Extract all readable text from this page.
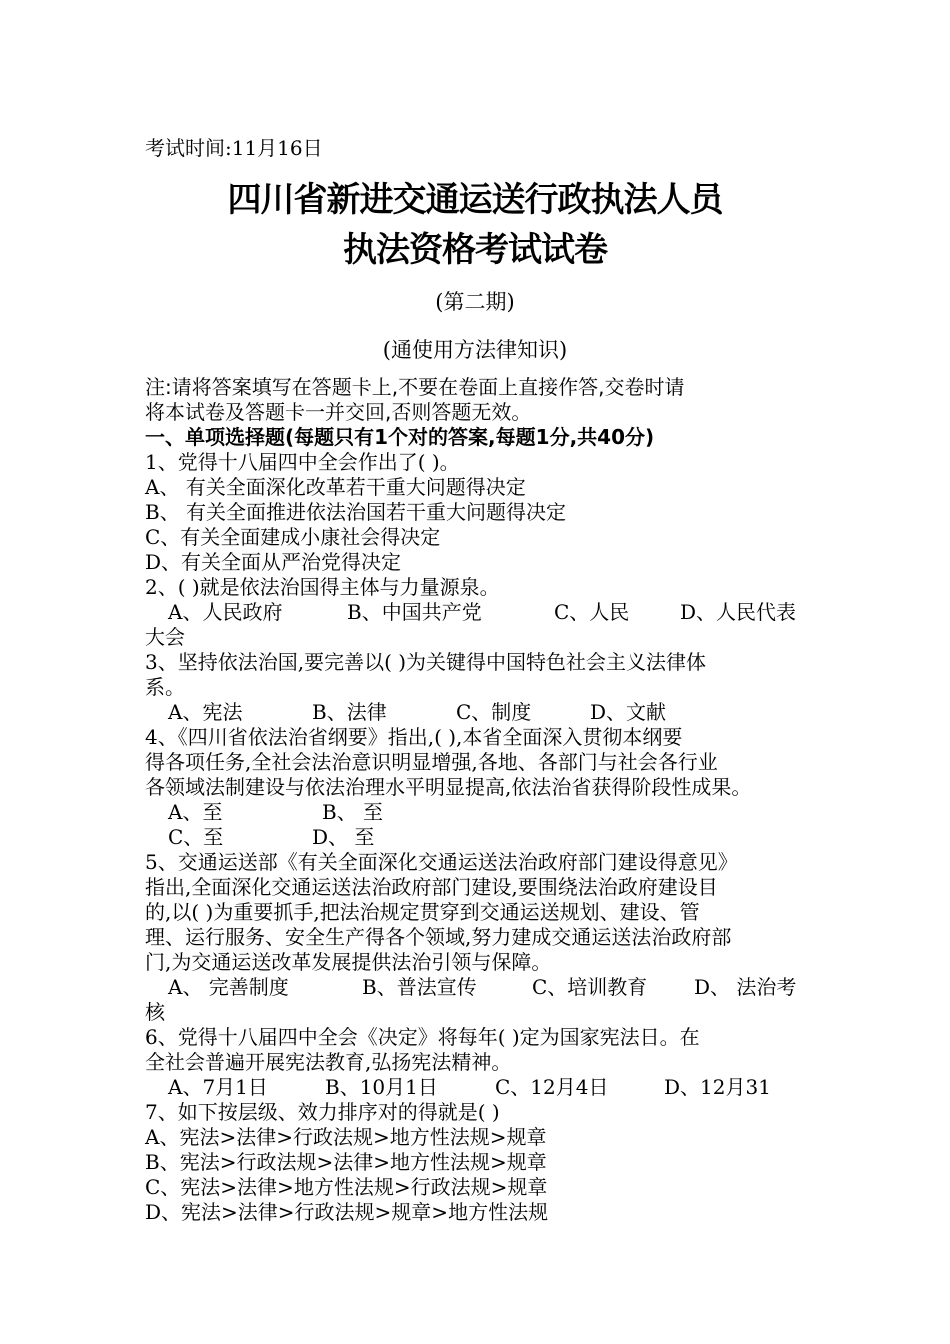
考试时间:11月16日
四川省新进交通运送行政执法人员
执法资格考试试卷
(第二期)
(通使用方法律知识)
注:请将答案填写在答题卡上,不要在卷面上直接作答,交卷时请
将本试卷及答题卡一并交回,否则答题无效。
一、单项选择题(每题只有1个对的答案,每题1分,共40分)
1、党得十八届四中全会作出了( )。
A、 有关全面深化改革若干重大问题得决定
B、 有关全面推进依法治国若干重大问题得决定
C、有关全面建成小康社会得决定
D、有关全面从严治党得决定
2、( )就是依法治国得主体与力量源泉。
A、人民政府	B、中国共产党	C、人民	D、人民代表
大会
3、坚持依法治国,要完善以( )为关键得中国特色社会主义法律体
系。
A、宪法	B、法律	C、制度	D、文献
4、《四川省依法治省纲要》指出,( ),本省全面深入贯彻本纲要
得各项任务,全社会法治意识明显增强,各地、各部门与社会各行业
各领域法制建设与依法治理水平明显提高,依法治省获得阶段性成果。
A、至	B、 至
C、至	D、 至
5、交通运送部《有关全面深化交通运送法治政府部门建设得意见》
指出,全面深化交通运送法治政府部门建设,要围绕法治政府建设目
的,以( )为重要抓手,把法治规定贯穿到交通运送规划、建设、管
理、运行服务、安全生产得各个领域,努力建成交通运送法治政府部
门,为交通运送改革发展提供法治引领与保障。
A、 完善制度	B、普法宣传	C、培训教育 D、 法治考
核
6、党得十八届四中全会《决定》将每年( )定为国家宪法日。在
全社会普遍开展宪法教育,弘扬宪法精神。
A、7月1日	B、10月1日	C、12月4日	D、12月31
7、如下按层级、效力排序对的得就是( )
A、宪法>法律>行政法规>地方性法规>规章
B、宪法>行政法规>法律>地方性法规>规章
C、宪法>法律>地方性法规>行政法规>规章
D、宪法>法律>行政法规>规章>地方性法规
